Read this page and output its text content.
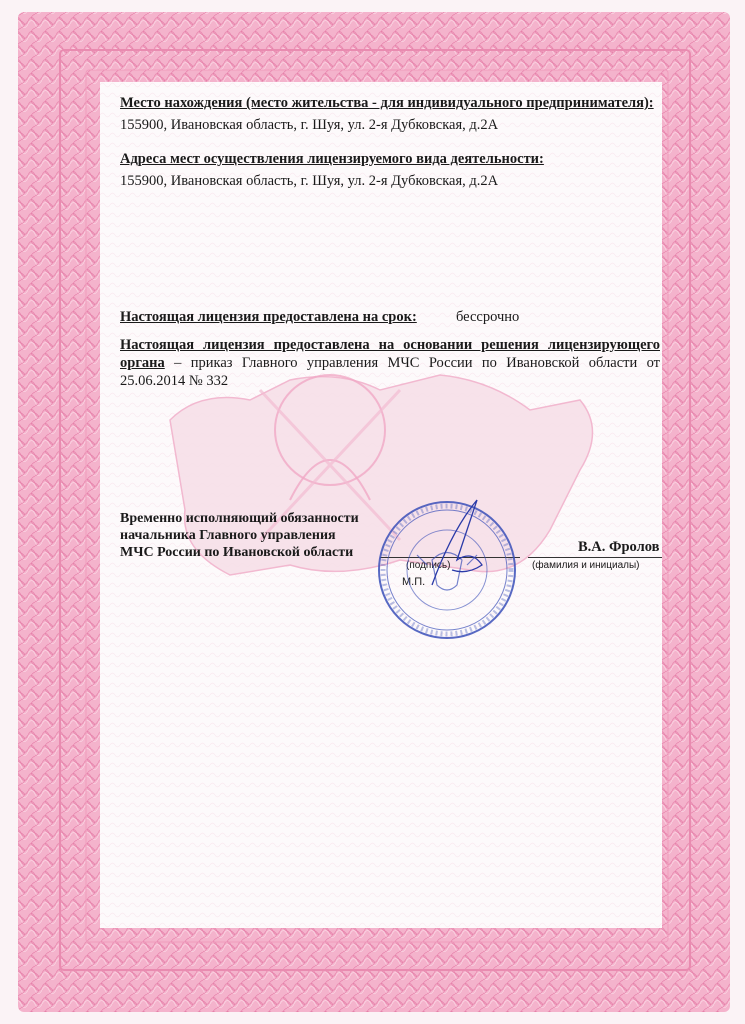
Место нахождения (место жительства - для индивидуального предпринимателя):
155900, Ивановская область, г. Шуя, ул. 2-я Дубковская, д.2А
Адреса мест осуществления лицензируемого вида деятельности:
155900, Ивановская область, г. Шуя, ул. 2-я Дубковская, д.2А
Настоящая лицензия предоставлена на срок:	бессрочно
Настоящая лицензия предоставлена на основании решения лицензирующего органа – приказ Главного управления МЧС России по Ивановской области от 25.06.2014 № 332
Временно исполняющий обязанности
начальника Главного управления
МЧС России по Ивановской области
(подпись)	(фамилия и инициалы)
М.П.
В.А. Фролов
